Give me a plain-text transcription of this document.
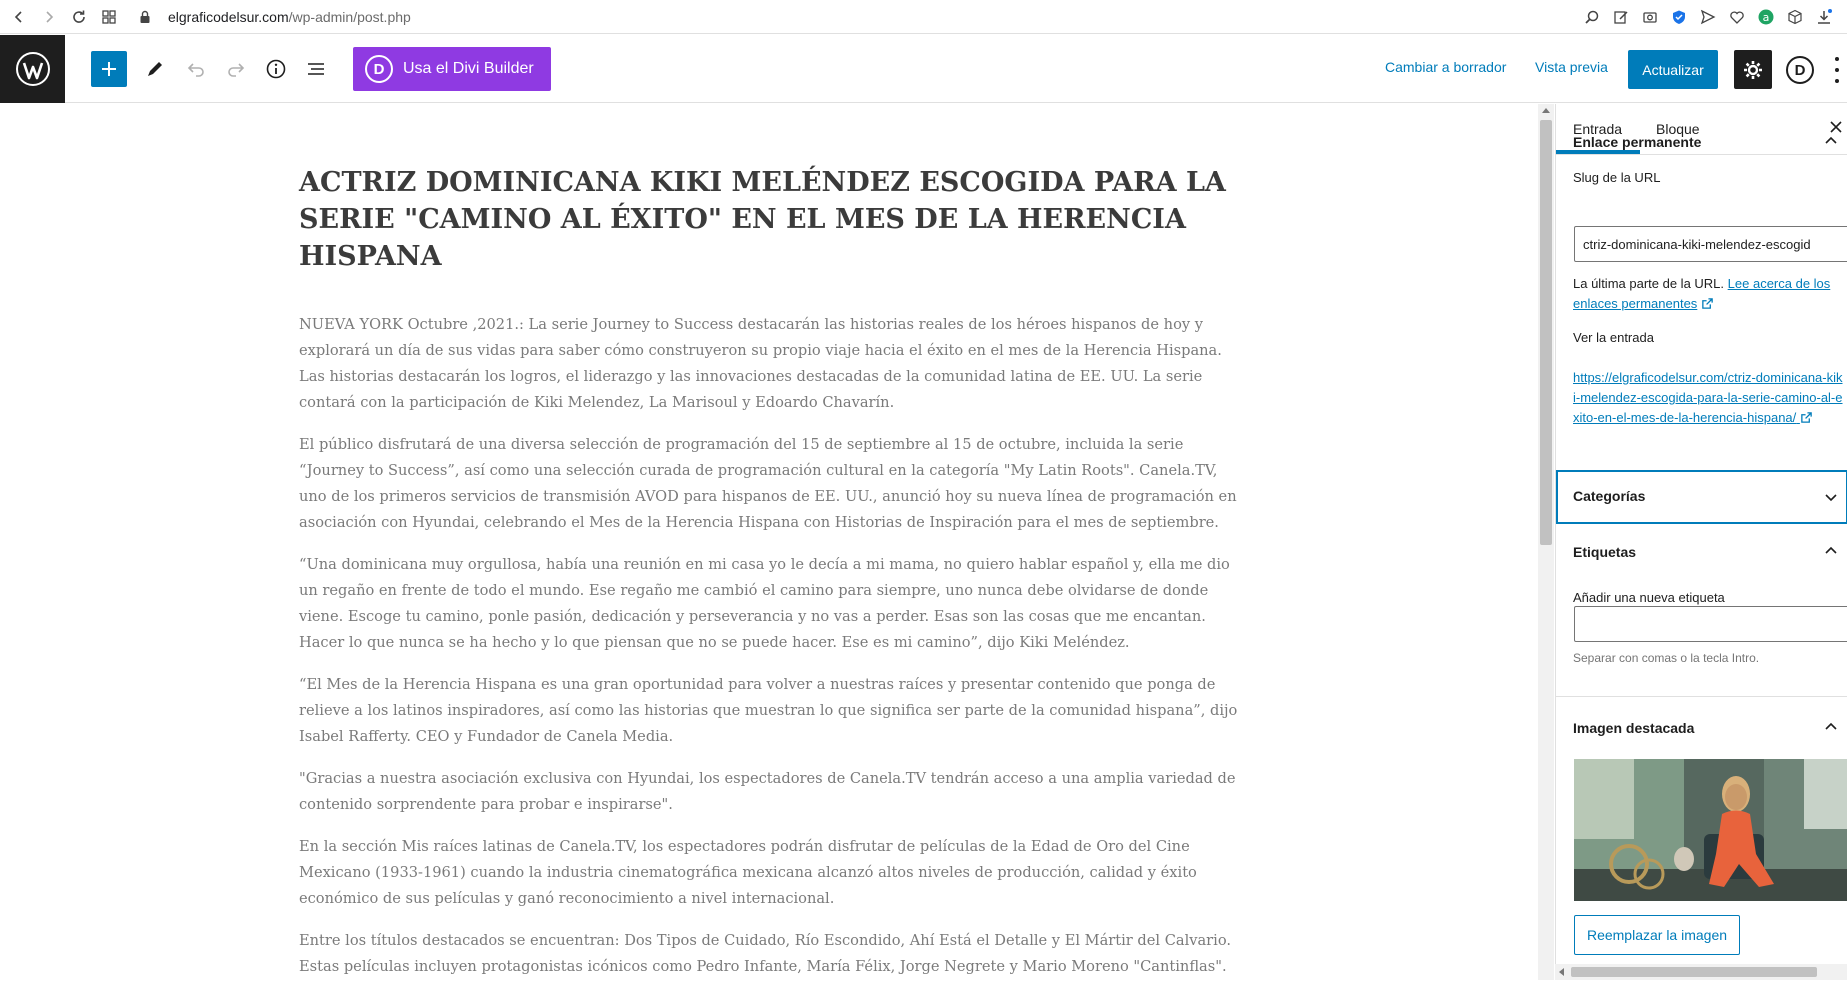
elgraficodelsur.com /wp-admin/post.php	a
D	Usa el Divi Builder	Cambiar a borrador Vista previa	Actualizar	D
ACTRIZ DOMINICANA KIKI MELÉNDEZ ESCOGIDA PARA LA SERIE "CAMINO AL ÉXITO" EN EL MES DE LA HERENCIA HISPANA

NUEVA YORK Octubre ,2021.: La serie Journey to Success destacarán las historias reales de los héroes hispanos de hoy y explorará un día de sus vidas para saber cómo construyeron su propio viaje hacia el éxito en el mes de la Herencia Hispana. Las historias destacarán los logros, el liderazgo y las innovaciones destacadas de la comunidad latina de EE. UU. La serie contará con la participación de Kiki Melendez, La Marisoul y Edoardo Chavarín.

El público disfrutará de una diversa selección de programación del 15 de septiembre al 15 de octubre, incluida la serie “Journey to Success”, así como una selección curada de programación cultural en la categoría "My Latin Roots". Canela.TV, uno de los primeros servicios de transmisión AVOD para hispanos de EE. UU., anunció hoy su nueva línea de programación en asociación con Hyundai, celebrando el Mes de la Herencia Hispana con Historias de Inspiración para el mes de septiembre.

“Una dominicana muy orgullosa, había una reunión en mi casa yo le decía a mi mama, no quiero hablar español y, ella me dio un regaño en frente de todo el mundo. Ese regaño me cambió el camino para siempre, uno nunca debe olvidarse de donde viene. Escoge tu camino, ponle pasión, dedicación y perseverancia y no vas a perder. Esas son las cosas que me encantan. Hacer lo que nunca se ha hecho y lo que piensan que no se puede hacer. Ese es mi camino”, dijo Kiki Meléndez.

“El Mes de la Herencia Hispana es una gran oportunidad para volver a nuestras raíces y presentar contenido que ponga de relieve a los latinos inspiradores, así como las historias que muestran lo que significa ser parte de la comunidad hispana”, dijo Isabel Rafferty. CEO y Fundador de Canela Media.

"Gracias a nuestra asociación exclusiva con Hyundai, los espectadores de Canela.TV tendrán acceso a una amplia variedad de contenido sorprendente para probar e inspirarse".

En la sección Mis raíces latinas de Canela.TV, los espectadores podrán disfrutar de películas de la Edad de Oro del Cine Mexicano (1933-1961) cuando la industria cinematográfica mexicana alcanzó altos niveles de producción, calidad y éxito económico de sus películas y ganó reconocimiento a nivel internacional.

Entre los títulos destacados se encuentran: Dos Tipos de Cuidado, Río Escondido, Ahí Está el Detalle y El Mártir del Calvario. Estas películas incluyen protagonistas icónicos como Pedro Infante, María Félix, Jorge Negrete y Mario Moreno "Cantinflas".

Entrada Bloque
Enlace permanente
Slug de la URL
ctriz-dominicana-kiki-melendez-escogid
La última parte de la URL. Lee acerca de los enlaces permanentes
Ver la entrada
https://elgraficodelsur.com/ctriz-dominicana-kiki-melendez-escogida-para-la-serie-camino-al-exito-en-el-mes-de-la-herencia-hispana/
Categorías
Etiquetas
Añadir una nueva etiqueta
Separar con comas o la tecla Intro.
Imagen destacada
Reemplazar la imagen
